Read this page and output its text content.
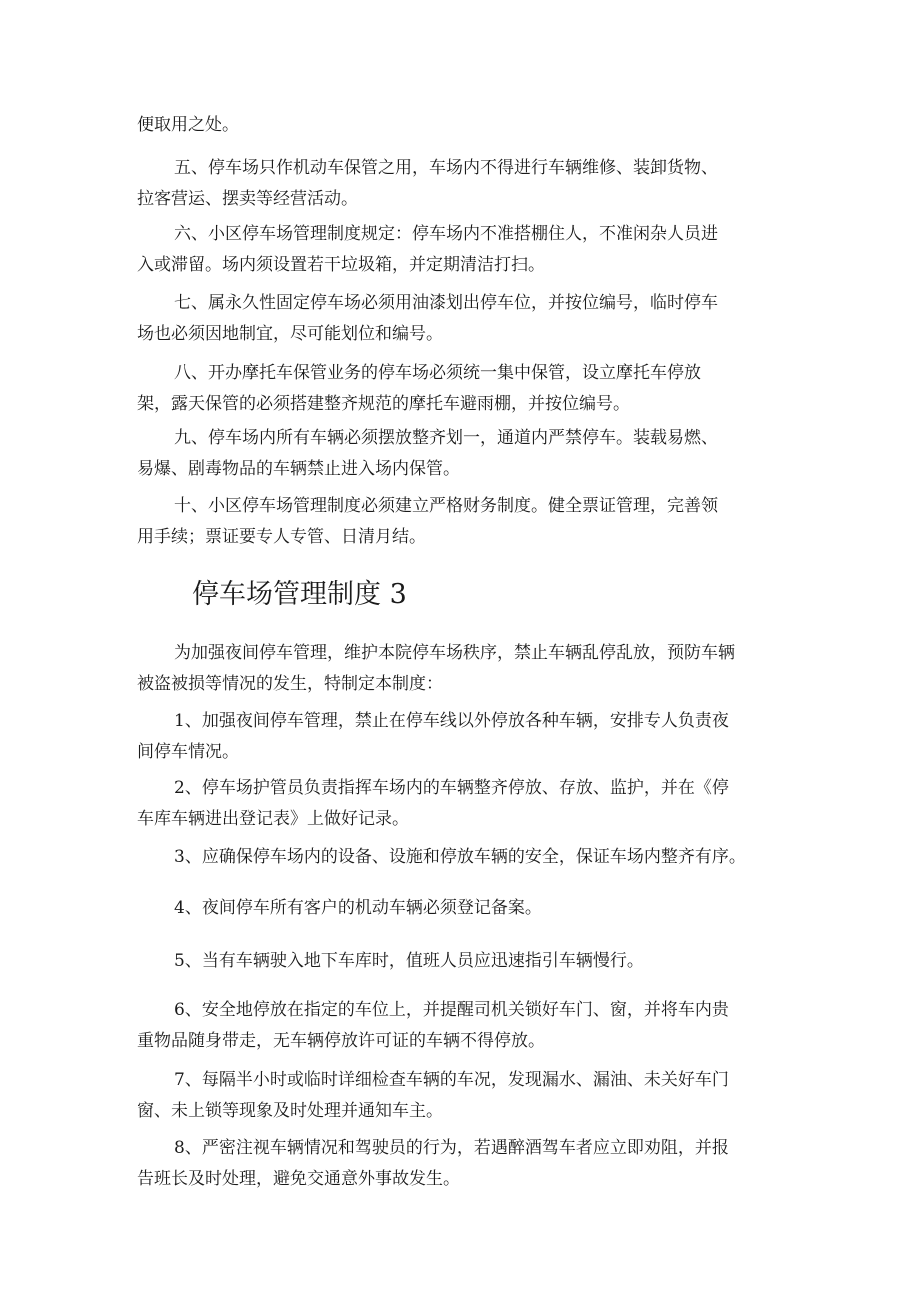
便取用之处。
五、停车场只作机动车保管之用，车场内不得进行车辆维修、装卸货物、
拉客营运、摆卖等经营活动。
六、小区停车场管理制度规定：停车场内不准搭棚住人，不准闲杂人员进
入或滞留。场内须设置若干垃圾箱，并定期清洁打扫。
七、属永久性固定停车场必须用油漆划出停车位，并按位编号，临时停车
场也必须因地制宜，尽可能划位和编号。
八、开办摩托车保管业务的停车场必须统一集中保管，设立摩托车停放
架，露天保管的必须搭建整齐规范的摩托车避雨棚，并按位编号。
九、停车场内所有车辆必须摆放整齐划一，通道内严禁停车。装载易燃、
易爆、剧毒物品的车辆禁止进入场内保管。
十、小区停车场管理制度必须建立严格财务制度。健全票证管理，完善领
用手续；票证要专人专管、日清月结。
停车场管理制度 3
为加强夜间停车管理，维护本院停车场秩序，禁止车辆乱停乱放，预防车辆
被盗被损等情况的发生，特制定本制度：
1、加强夜间停车管理，禁止在停车线以外停放各种车辆，安排专人负责夜
间停车情况。
2、停车场护管员负责指挥车场内的车辆整齐停放、存放、监护，并在《停
车库车辆进出登记表》上做好记录。
3、应确保停车场内的设备、设施和停放车辆的安全，保证车场内整齐有序。
4、夜间停车所有客户的机动车辆必须登记备案。
5、当有车辆驶入地下车库时，值班人员应迅速指引车辆慢行。
6、安全地停放在指定的车位上，并提醒司机关锁好车门、窗，并将车内贵
重物品随身带走，无车辆停放许可证的车辆不得停放。
7、每隔半小时或临时详细检查车辆的车况，发现漏水、漏油、未关好车门
窗、未上锁等现象及时处理并通知车主。
8、严密注视车辆情况和驾驶员的行为，若遇醉酒驾车者应立即劝阻，并报
告班长及时处理，避免交通意外事故发生。
